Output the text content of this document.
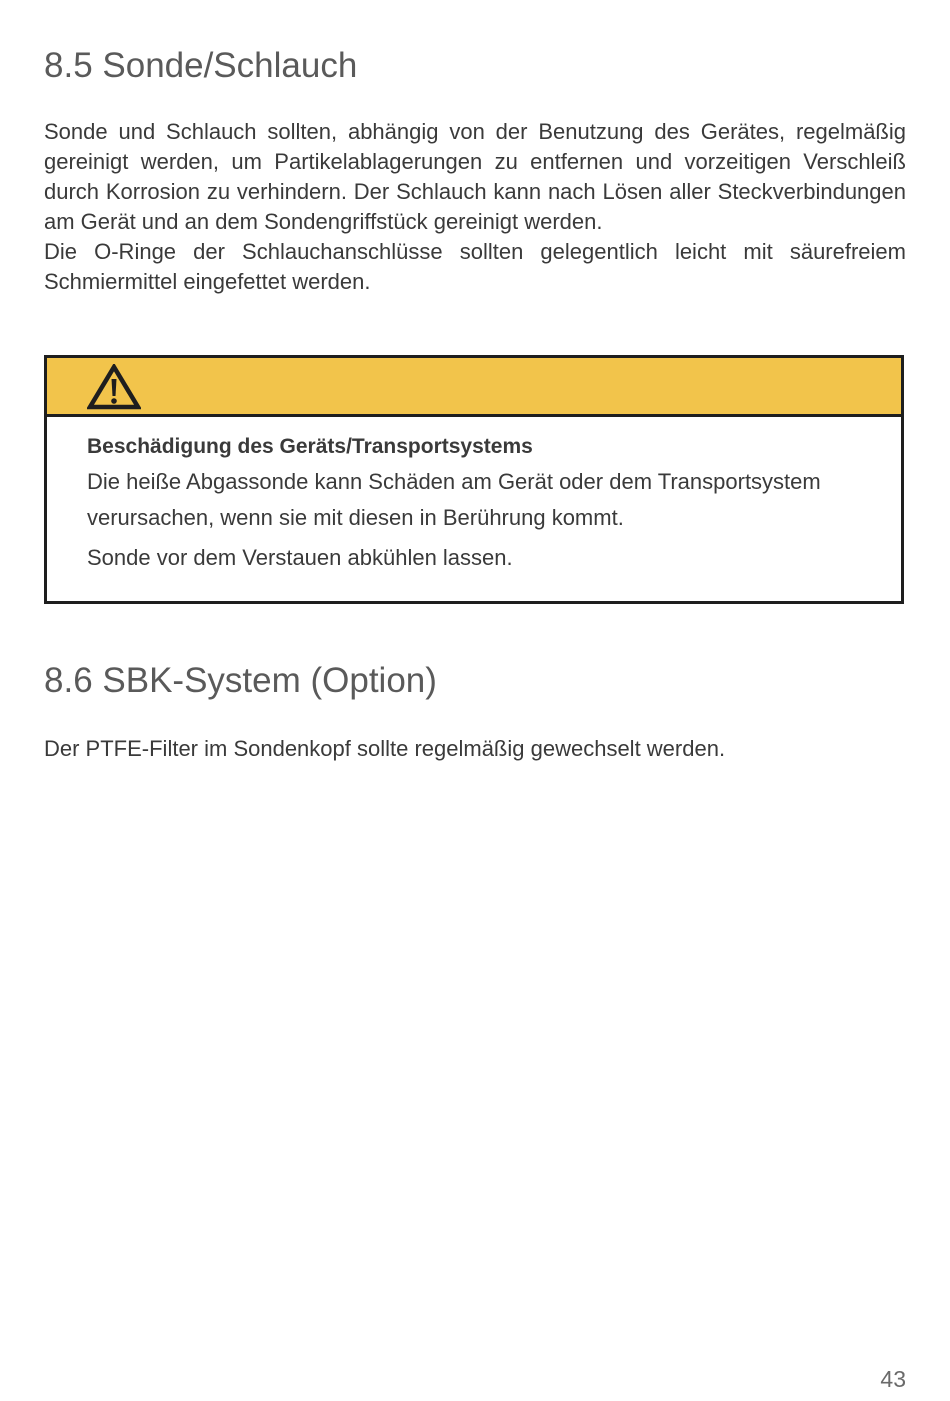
8.5 Sonde/Schlauch

Sonde und Schlauch sollten, abhängig von der Benutzung des Gerätes, regelmäßig gereinigt werden, um Partikelablagerungen zu entfernen und vorzeitigen Verschleiß durch Korrosion zu verhindern. Der Schlauch kann nach Lösen aller Steckverbindungen am Gerät und an dem Sondengriffstück gereinigt werden.

Die O-Ringe der Schlauchanschlüsse sollten gelegentlich leicht mit säurefreiem Schmiermittel eingefettet werden.

Beschädigung des Geräts/Transportsystems

Die heiße Abgassonde kann Schäden am Gerät oder dem Transportsystem verursachen, wenn sie mit diesen in Berührung kommt.

Sonde vor dem Verstauen abkühlen lassen.

8.6 SBK-System (Option)

Der PTFE-Filter im Sondenkopf sollte regelmäßig gewechselt werden.

43
